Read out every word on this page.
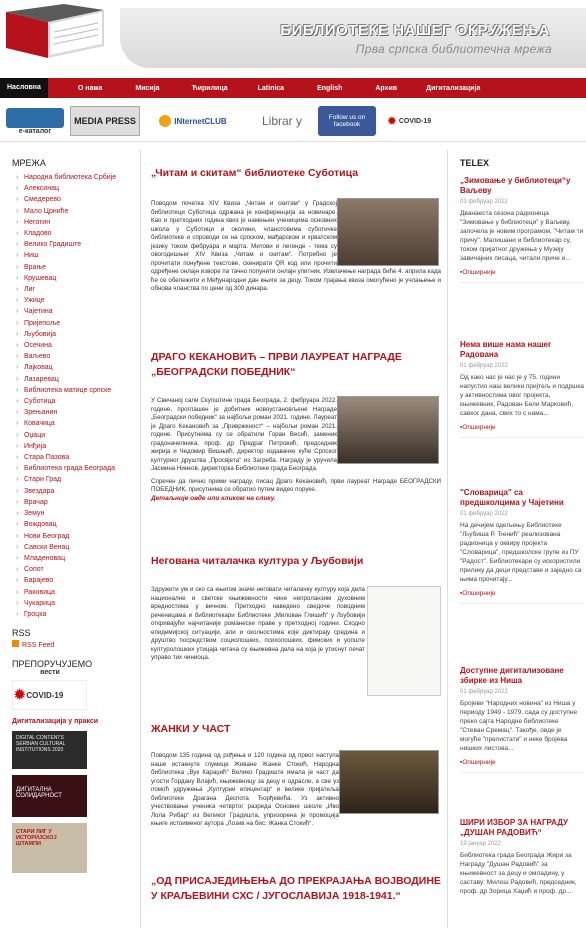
БИБЛИОТЕКЕ НАШЕГ ОКРУЖЕЊА
Прва српска библиотечна мрежа
Насловна	О нама	Мисија	Ћирилица	Latinica	English	Архив	Дигитализација
e-каталог
MEDIA PRESS	INternetCLUB	Librar y	Follow us on facebook	✹ COVID-19
МРЕЖА
› Народна библиотека Србије
› Алексинац
› Смедерево
› Мало Црниће
› Неготин
› Кладово
› Велико Градиште
› Ниш
› Врање
› Крушевац
› Лиг
› Ужице
› Чајетина
› Пријепоље
› Љубовија
› Осечина
› Ваљево
› Лајковац
› Лазаревац
› Библиотека матице српске
› Суботица
› Зрењанин
› Ковачица
› Оџаци
› Инђија
› Стара Пазова
› Библиотека града Београда
› Стари Град
› Звездара
› Врачар
› Земун
› Вождовац
› Нови Београд
› Савски Венац
› Младеновац
› Сопот
› Барајево
› Раковица
› Чукарица
› Гроцка
RSS
RSS Feed
ПРЕПОРУЧУЈЕМО
вести
✹ COVID-19
Дигитализација у пракси
DIGITAL CONTENTS SERBIAN CULTURAL INSTITUTIONS 2020
ДИГИТАЛНА СОЛИДАРНОСТ
СТАРИ ЛИГ У ИСТОРИЈСКОЈ ШТАМПИ
„Читам и скитам“ библиотеке Суботица

Поводом почетка XIV Квиза „Читам и скитам“ у Градској библиотеци Суботица одржана је конференција за новинаре. Као и претходних година квиз је намењен ученицима основних школа у Суботици и околини, чланотовима суботичке библиотеке и спроводи се на српском, мађарском и хрватском језику током фебруара и марта. Митови и легенде - тема су овогодишњег XIV Квиза „Читам и скитам“. Потребно је прочитати понуђене текстове, скенирати QR код или прочити одређене онлајн изворе па тачно попунити онлајн упитник. Извлачење награда биће 4. априла када ће се обележити и Међународни дан књиге за децу. Током трајања квиза омогућено је учлањење и обнова чланства по цени од 300 динара.

ДРАГО КЕКАНОВИЋ – ПРВИ ЛАУРЕАТ НАГРАДЕ „БЕОГРАДСКИ ПОБЕДНИК“

У Свечаној сали Скупштине града Београда, 2. фебруара 2022. године, проглашен је добитник новоустановљене Награде „Београдски победник“ за најбољи роман 2021. године. Лауреат је Драго Кекановић за „Привржкност“ – најбољи роман 2021. године. Присутнима су се обратили Горан Весић, заменик градоначелника, проф. др Предраг Петровић, председник жирија и Чедомир Вишњић, директор издавачке куће Српског културног друштва „Просвјета“ из Загреба. Награду је уручила Јасмина Нинков, директорка Библиотеке града Београда.

Спречен да лично прими награду, писац Драго Кекановић, први лауреат Награде БЕОГРАДСКИ ПОБЕДНИК, присутнима се обратио путем видео поруке.

Детаљније овде или кликом на слику.
Негована читалачка култура у Љубовији

Здружити ум и око са књигом значи неговати читалачку културу која дела националне и светске књижевности чине непроланзим духовним вредностима у вечном. Претходно наведено сведоче поводним реченицама и библиотекари Библиотеке „Милован Глишић“ у Љубовији откривајући најчитаније романеске праве у претходној години. Сходно епидемијској ситуацији, али и околностима које диктирају средина и друштво посредством социолошких, психолошких, фимских и уопште културолошких утицаја читача су књижевна дела на која је утиснут печат управо тих чиниоца.

ЖАНКИ У ЧАСТ

Поводом 135 година од рођења и 120 година од првог наступа наше истакнуте глумице Живане Жанке Стокић, Народна библиотека „Вук Караџић“ Велико Градиште имала је част да угости Гордану Влајић, књижевницу за децу и одрасле, а све уз помоћ удружења „Културни епицентар“ и велике пријатеља библиотеке Драгана Деспота Ђорђевића. Уз активно учествовање ученика четвртог разреда Основне школе „Иво Лола Рибар“ из Великог Градишта, упризорена је промоција књиге истоименог аутора „Лозив на бис: Жанка Стокић“.

„ОД ПРИСАЈЕДИЊЕЊА ДО ПРЕКРАЈАЊА ВОЈВОДИНЕ У КРАЉЕВИНИ СХС / ЈУГОСЛАВИЈА 1918-1941.“
TELEX
„Зимовање у библиотеци“у Ваљеву
03 фебруар 2022
Дванаеста сезона радионица "Зимовање у библиотеци" у Ваљеву, започела је новим програмом, "Читам ти причу". Малишани и библиотекар су, током пријатног дружења у Музеју завичајних писаца, читали приче и...
▪Опширније
Нема више нама нашег Радована
01 фебруар 2022
Од како нас је нас је у 75. години напустио наш велики пријтељ и подршка у активностима овог пројекта, књижевник, Радован Бели Марковић, савког дана, свих то с нама...
▪Опширније
"Словарица" са предшколцима у Чајетини
01 фебруар 2022
На дечијем одељењу Библиотеке "Љубиша Р. Ђенић" реализована радионица у оквиру пројекта "Словарица", предшколске групе из ПУ "Радост". Библиотекари су искористили прилику да деци представе и заједно са њима прочитају...
▪Опширније
Доступне дигитализоване збирке из Ниша
01 фебруар 2022
Бројеви "Народних новина" из Ниша у периоду 1949 - 1979. сада су доступне преко сајта Народне библиотеке "Стеван Сремац". Такође, овде је могуће "прелистати" и неке бројева нишких листова...
▪Опширније
ШИРИ ИЗБОР ЗА НАГРАДУ „ДУШАН РАДОВИЋ“
19 јануар 2022
Библиотека града Београда Жири за Награду "Душан Радовић" за књижевност за децу и омладину, у саставу: Милош Радовић, председник, проф. др Зорица Хаџић и проф. др...
